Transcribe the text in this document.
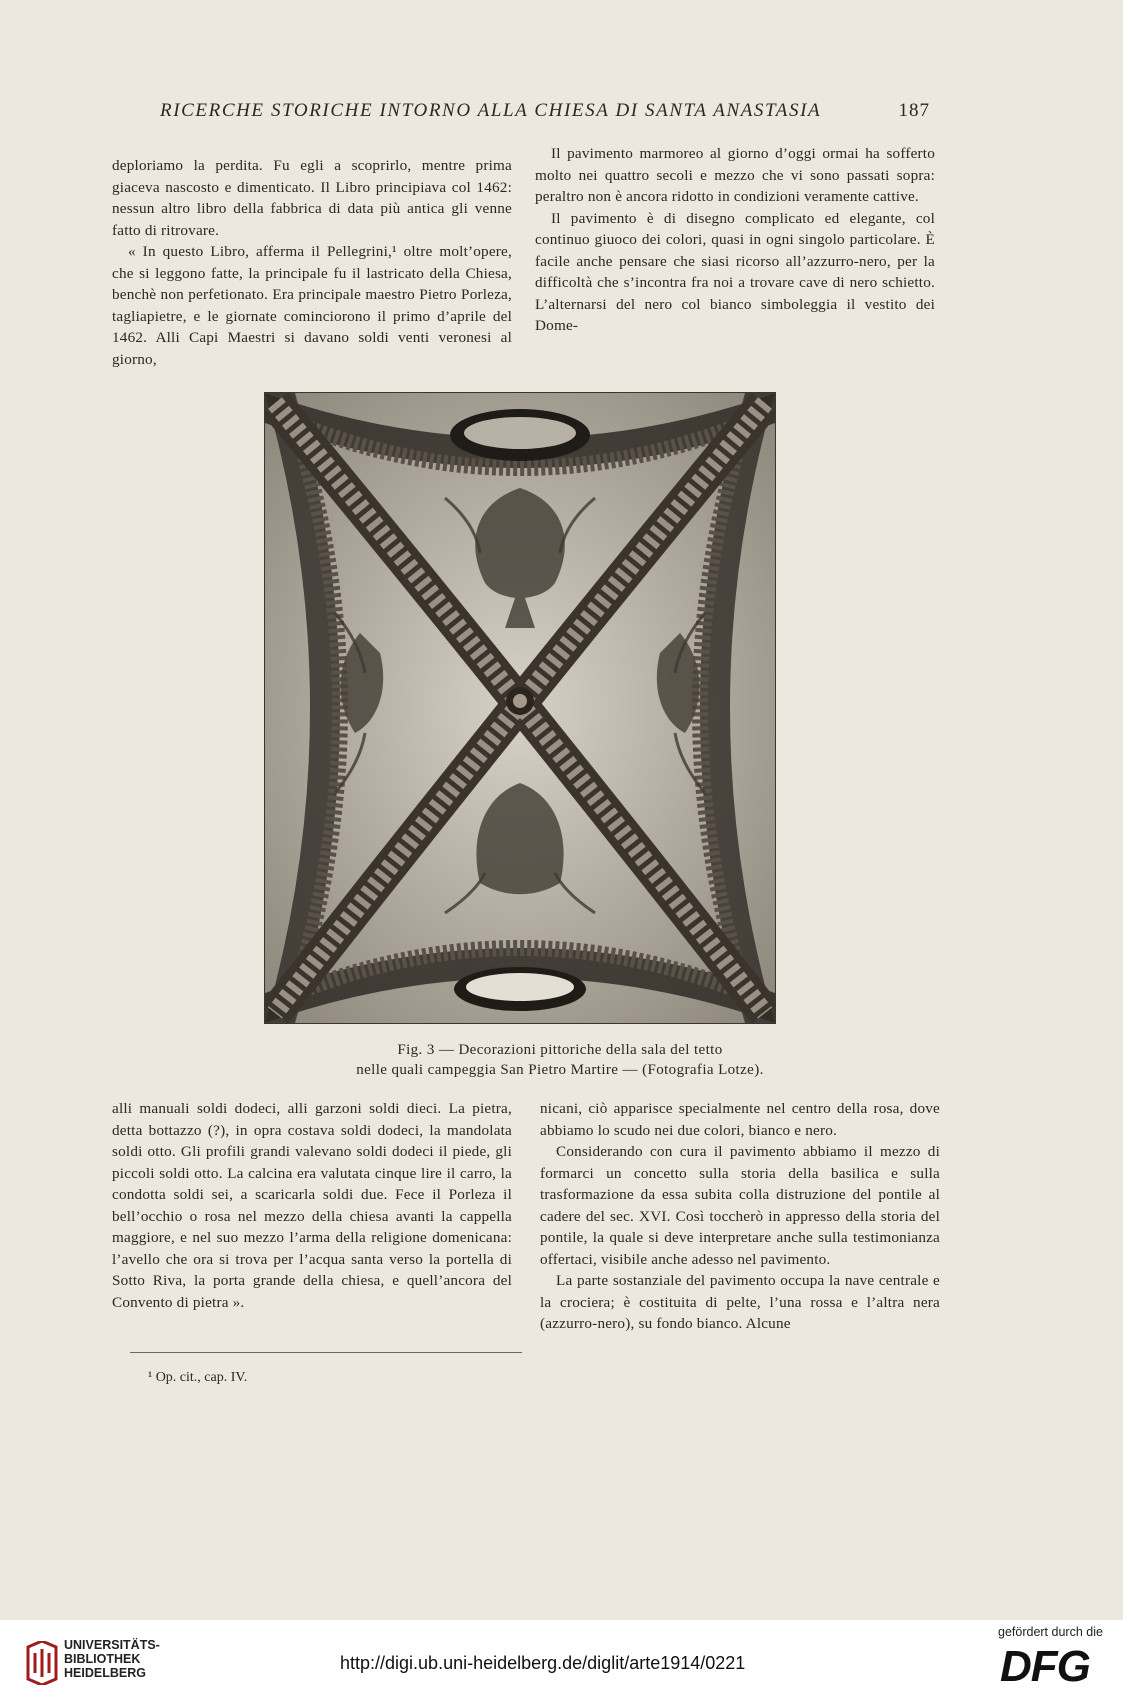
RICERCHE STORICHE INTORNO ALLA CHIESA DI SANTA ANASTASIA	187

deploriamo la perdita. Fu egli a scoprirlo, mentre prima giaceva nascosto e dimenticato. Il Libro principiava col 1462: nessun altro libro della fabbrica di data più antica gli venne fatto di ritrovare.

« In questo Libro, afferma il Pellegrini,¹ oltre molt’opere, che si leggono fatte, la principale fu il lastricato della Chiesa, benchè non perfetionato. Era principale maestro Pietro Porleza, tagliapietre, e le giornate cominciorono il primo d’aprile del 1462. Alli Capi Maestri si davano soldi venti veronesi al giorno,

Il pavimento marmoreo al giorno d’oggi ormai ha sofferto molto nei quattro secoli e mezzo che vi sono passati sopra: peraltro non è ancora ridotto in condizioni veramente cattive.

Il pavimento è di disegno complicato ed elegante, col continuo giuoco dei colori, quasi in ogni singolo particolare. È facile anche pensare che siasi ricorso all’azzurro-nero, per la difficoltà che s’incontra fra noi a trovare cave di nero schietto. L’alternarsi del nero col bianco simboleggia il vestito dei Dome-

Fig. 3 — Decorazioni pittoriche della sala del tetto
nelle quali campeggia San Pietro Martire — (Fotografia Lotze).

alli manuali soldi dodeci, alli garzoni soldi dieci. La pietra, detta bottazzo (?), in opra costava soldi dodeci, la mandolata soldi otto. Gli profili grandi valevano soldi dodeci il piede, gli piccoli soldi otto. La calcina era valutata cinque lire il carro, la condotta soldi sei, a scaricarla soldi due. Fece il Porleza il bell’occhio o rosa nel mezzo della chiesa avanti la cappella maggiore, e nel suo mezzo l’arma della religione domenicana: l’avello che ora si trova per l’acqua santa verso la portella di Sotto Riva, la porta grande della chiesa, e quell’ancora del Convento di pietra ».

nicani, ciò apparisce specialmente nel centro della rosa, dove abbiamo lo scudo nei due colori, bianco e nero.

Considerando con cura il pavimento abbiamo il mezzo di formarci un concetto sulla storia della basilica e sulla trasformazione da essa subita colla distruzione del pontile al cadere del sec. XVI. Così toccherò in appresso della storia del pontile, la quale si deve interpretare anche sulla testimonianza offertaci, visibile anche adesso nel pavimento.

La parte sostanziale del pavimento occupa la nave centrale e la crociera; è costituita di pelte, l’una rossa e l’altra nera (azzurro-nero), su fondo bianco. Alcune

¹ Op. cit., cap. IV.
UNIVERSITÄTS-
BIBLIOTHEK
HEIDELBERG	http://digi.ub.uni-heidelberg.de/diglit/arte1914/0221
gefördert durch die
DFG
